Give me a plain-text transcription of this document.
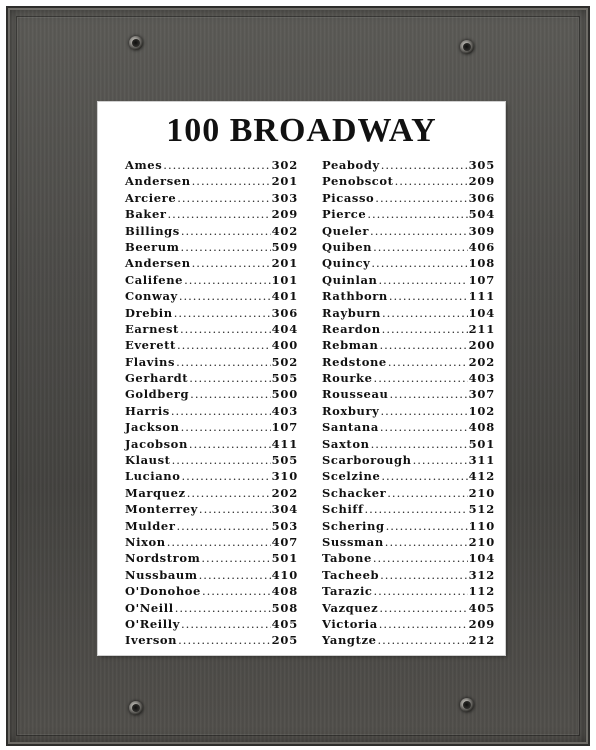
100 BROADWAY
Ames .....	302
Andersen .....	201
Arciere .....	303
Baker .....	209
Billings .....	402
Beerum .....	509
Andersen .....	201
Califene .....	101
Conway .....	401
Drebin .....	306
Earnest .....	404
Everett .....	400
Flavins .....	502
Gerhardt .....	505
Goldberg .....	500
Harris .....	403
Jackson .....	107
Jacobson .....	411
Klaust .....	505
Luciano .....	310
Marquez .....	202
Monterrey .....	304
Mulder .....	503
Nixon .....	407
Nordstrom .....	501
Nussbaum .....	410
O'Donohoe .....	408
O'Neill .....	508
O'Reilly .....	405
Iverson .....	205
Peabody .....	305
Penobscot .....	209
Picasso .....	306
Pierce .....	504
Queler .....	309
Quiben .....	406
Quincy .....	108
Quinlan .....	107
Rathborn .....	111
Rayburn .....	104
Reardon .....	211
Rebman .....	200
Redstone .....	202
Rourke .....	403
Rousseau .....	307
Roxbury .....	102
Santana .....	408
Saxton .....	501
Scarborough .....	311
Scelzine .....	412
Schacker .....	210
Schiff .....	512
Schering .....	110
Sussman .....	210
Tabone .....	104
Tacheeb .....	312
Tarazic .....	112
Vazquez .....	405
Victoria .....	209
Yangtze .....	212
